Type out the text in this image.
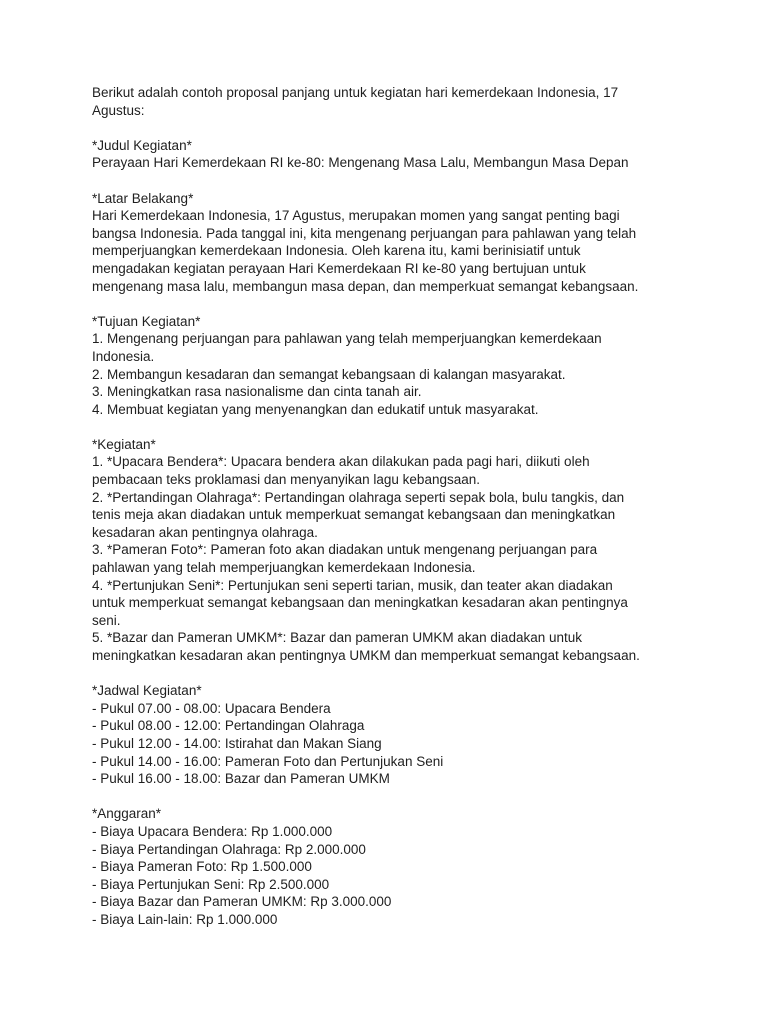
Berikut adalah contoh proposal panjang untuk kegiatan hari kemerdekaan Indonesia, 17

Agustus:

*Judul Kegiatan*

Perayaan Hari Kemerdekaan RI ke-80: Mengenang Masa Lalu, Membangun Masa Depan

*Latar Belakang*

Hari Kemerdekaan Indonesia, 17 Agustus, merupakan momen yang sangat penting bagi

bangsa Indonesia. Pada tanggal ini, kita mengenang perjuangan para pahlawan yang telah

memperjuangkan kemerdekaan Indonesia. Oleh karena itu, kami berinisiatif untuk

mengadakan kegiatan perayaan Hari Kemerdekaan RI ke-80 yang bertujuan untuk

mengenang masa lalu, membangun masa depan, dan memperkuat semangat kebangsaan.

*Tujuan Kegiatan*

1. Mengenang perjuangan para pahlawan yang telah memperjuangkan kemerdekaan

Indonesia.

2. Membangun kesadaran dan semangat kebangsaan di kalangan masyarakat.

3. Meningkatkan rasa nasionalisme dan cinta tanah air.

4. Membuat kegiatan yang menyenangkan dan edukatif untuk masyarakat.

*Kegiatan*

1. *Upacara Bendera*: Upacara bendera akan dilakukan pada pagi hari, diikuti oleh

pembacaan teks proklamasi dan menyanyikan lagu kebangsaan.

2. *Pertandingan Olahraga*: Pertandingan olahraga seperti sepak bola, bulu tangkis, dan

tenis meja akan diadakan untuk memperkuat semangat kebangsaan dan meningkatkan

kesadaran akan pentingnya olahraga.

3. *Pameran Foto*: Pameran foto akan diadakan untuk mengenang perjuangan para

pahlawan yang telah memperjuangkan kemerdekaan Indonesia.

4. *Pertunjukan Seni*: Pertunjukan seni seperti tarian, musik, dan teater akan diadakan

untuk memperkuat semangat kebangsaan dan meningkatkan kesadaran akan pentingnya

seni.

5. *Bazar dan Pameran UMKM*: Bazar dan pameran UMKM akan diadakan untuk

meningkatkan kesadaran akan pentingnya UMKM dan memperkuat semangat kebangsaan.

*Jadwal Kegiatan*

- Pukul 07.00 - 08.00: Upacara Bendera

- Pukul 08.00 - 12.00: Pertandingan Olahraga

- Pukul 12.00 - 14.00: Istirahat dan Makan Siang

- Pukul 14.00 - 16.00: Pameran Foto dan Pertunjukan Seni

- Pukul 16.00 - 18.00: Bazar dan Pameran UMKM

*Anggaran*

- Biaya Upacara Bendera: Rp 1.000.000

- Biaya Pertandingan Olahraga: Rp 2.000.000

- Biaya Pameran Foto: Rp 1.500.000

- Biaya Pertunjukan Seni: Rp 2.500.000

- Biaya Bazar dan Pameran UMKM: Rp 3.000.000

- Biaya Lain-lain: Rp 1.000.000
